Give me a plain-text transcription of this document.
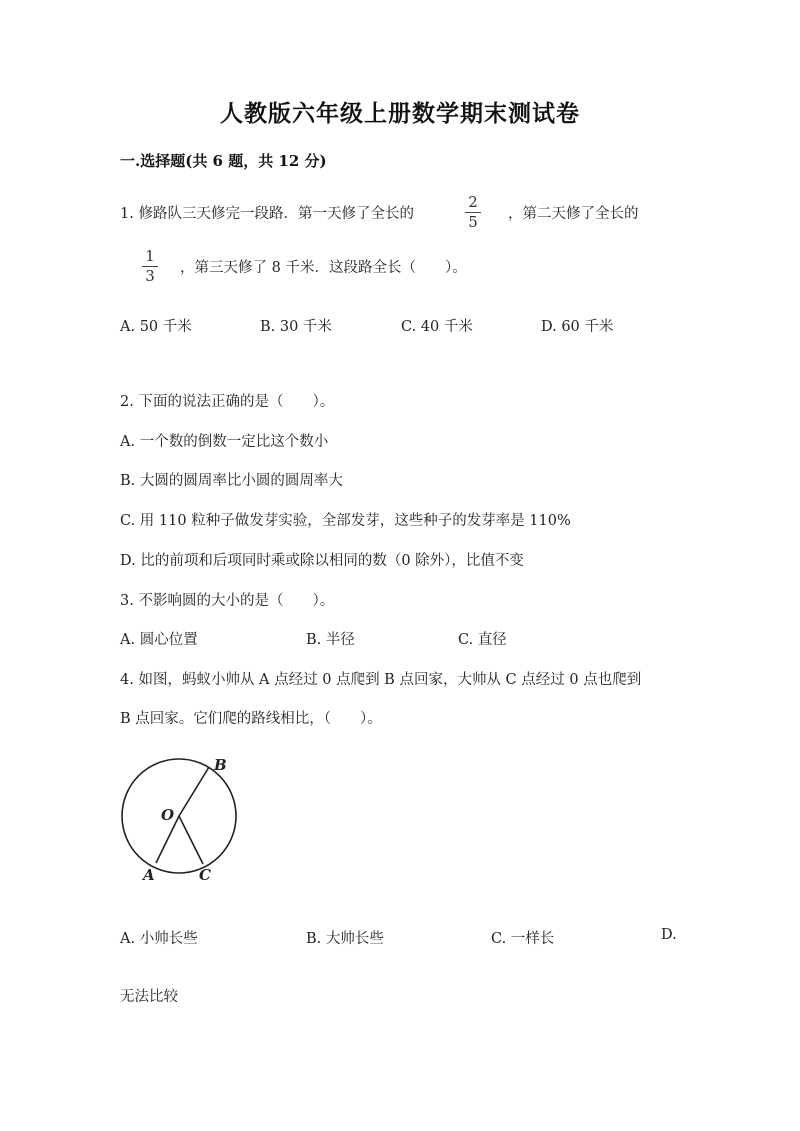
人教版六年级上册数学期末测试卷
一.选择题(共 6 题，共 12 分)
1. 修路队三天修完一段路．第一天修了全长的
2
5	，第二天修了全长的
1
3	，第三天修了 8 千米．这段路全长（　　）。
A. 50 千米	B. 30 千米	C. 40 千米	D. 60 千米
2. 下面的说法正确的是（　　）。
A. 一个数的倒数一定比这个数小
B. 大圆的圆周率比小圆的圆周率大
C. 用 110 粒种子做发芽实验，全部发芽，这些种子的发芽率是 110%
D. 比的前项和后项同时乘或除以相同的数（0 除外），比值不变
3. 不影响圆的大小的是（　　）。
A. 圆心位置	B. 半径	C. 直径
4. 如图，蚂蚁小帅从 A 点经过 0 点爬到 B 点回家，大帅从 C 点经过 0 点也爬到
B 点回家。它们爬的路线相比，（　　）。
B
O
A	C
A. 小帅长些	B. 大帅长些	C. 一样长	D.
无法比较
